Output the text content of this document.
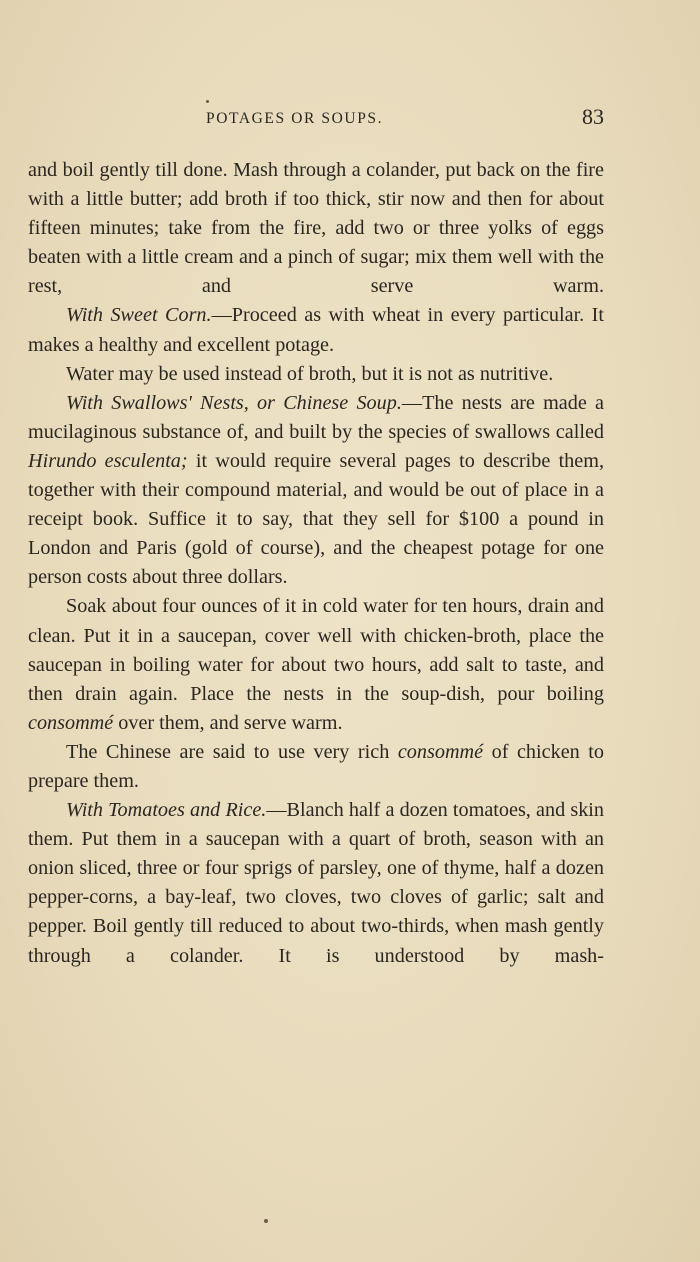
POTAGES OR SOUPS.	83

and boil gently till done. Mash through a colander, put back on the fire with a little butter; add broth if too thick, stir now and then for about fifteen minutes; take from the fire, add two or three yolks of eggs beaten with a little cream and a pinch of sugar; mix them well with the rest, and serve warm.

With Sweet Corn.—Proceed as with wheat in every particular. It makes a healthy and excellent potage.

Water may be used instead of broth, but it is not as nutritive.

With Swallows' Nests, or Chinese Soup.—The nests are made a mucilaginous substance of, and built by the species of swallows called Hirundo esculenta; it would require several pages to describe them, together with their compound material, and would be out of place in a receipt book. Suffice it to say, that they sell for $100 a pound in London and Paris (gold of course), and the cheapest potage for one person costs about three dollars.

Soak about four ounces of it in cold water for ten hours, drain and clean. Put it in a saucepan, cover well with chicken-broth, place the saucepan in boiling water for about two hours, add salt to taste, and then drain again. Place the nests in the soup-dish, pour boiling consommé over them, and serve warm.

The Chinese are said to use very rich consommé of chicken to prepare them.

With Tomatoes and Rice.—Blanch half a dozen tomatoes, and skin them. Put them in a saucepan with a quart of broth, season with an onion sliced, three or four sprigs of parsley, one of thyme, half a dozen pepper-corns, a bay-leaf, two cloves, two cloves of garlic; salt and pepper. Boil gently till reduced to about two-thirds, when mash gently through a colander. It is understood by mash-
